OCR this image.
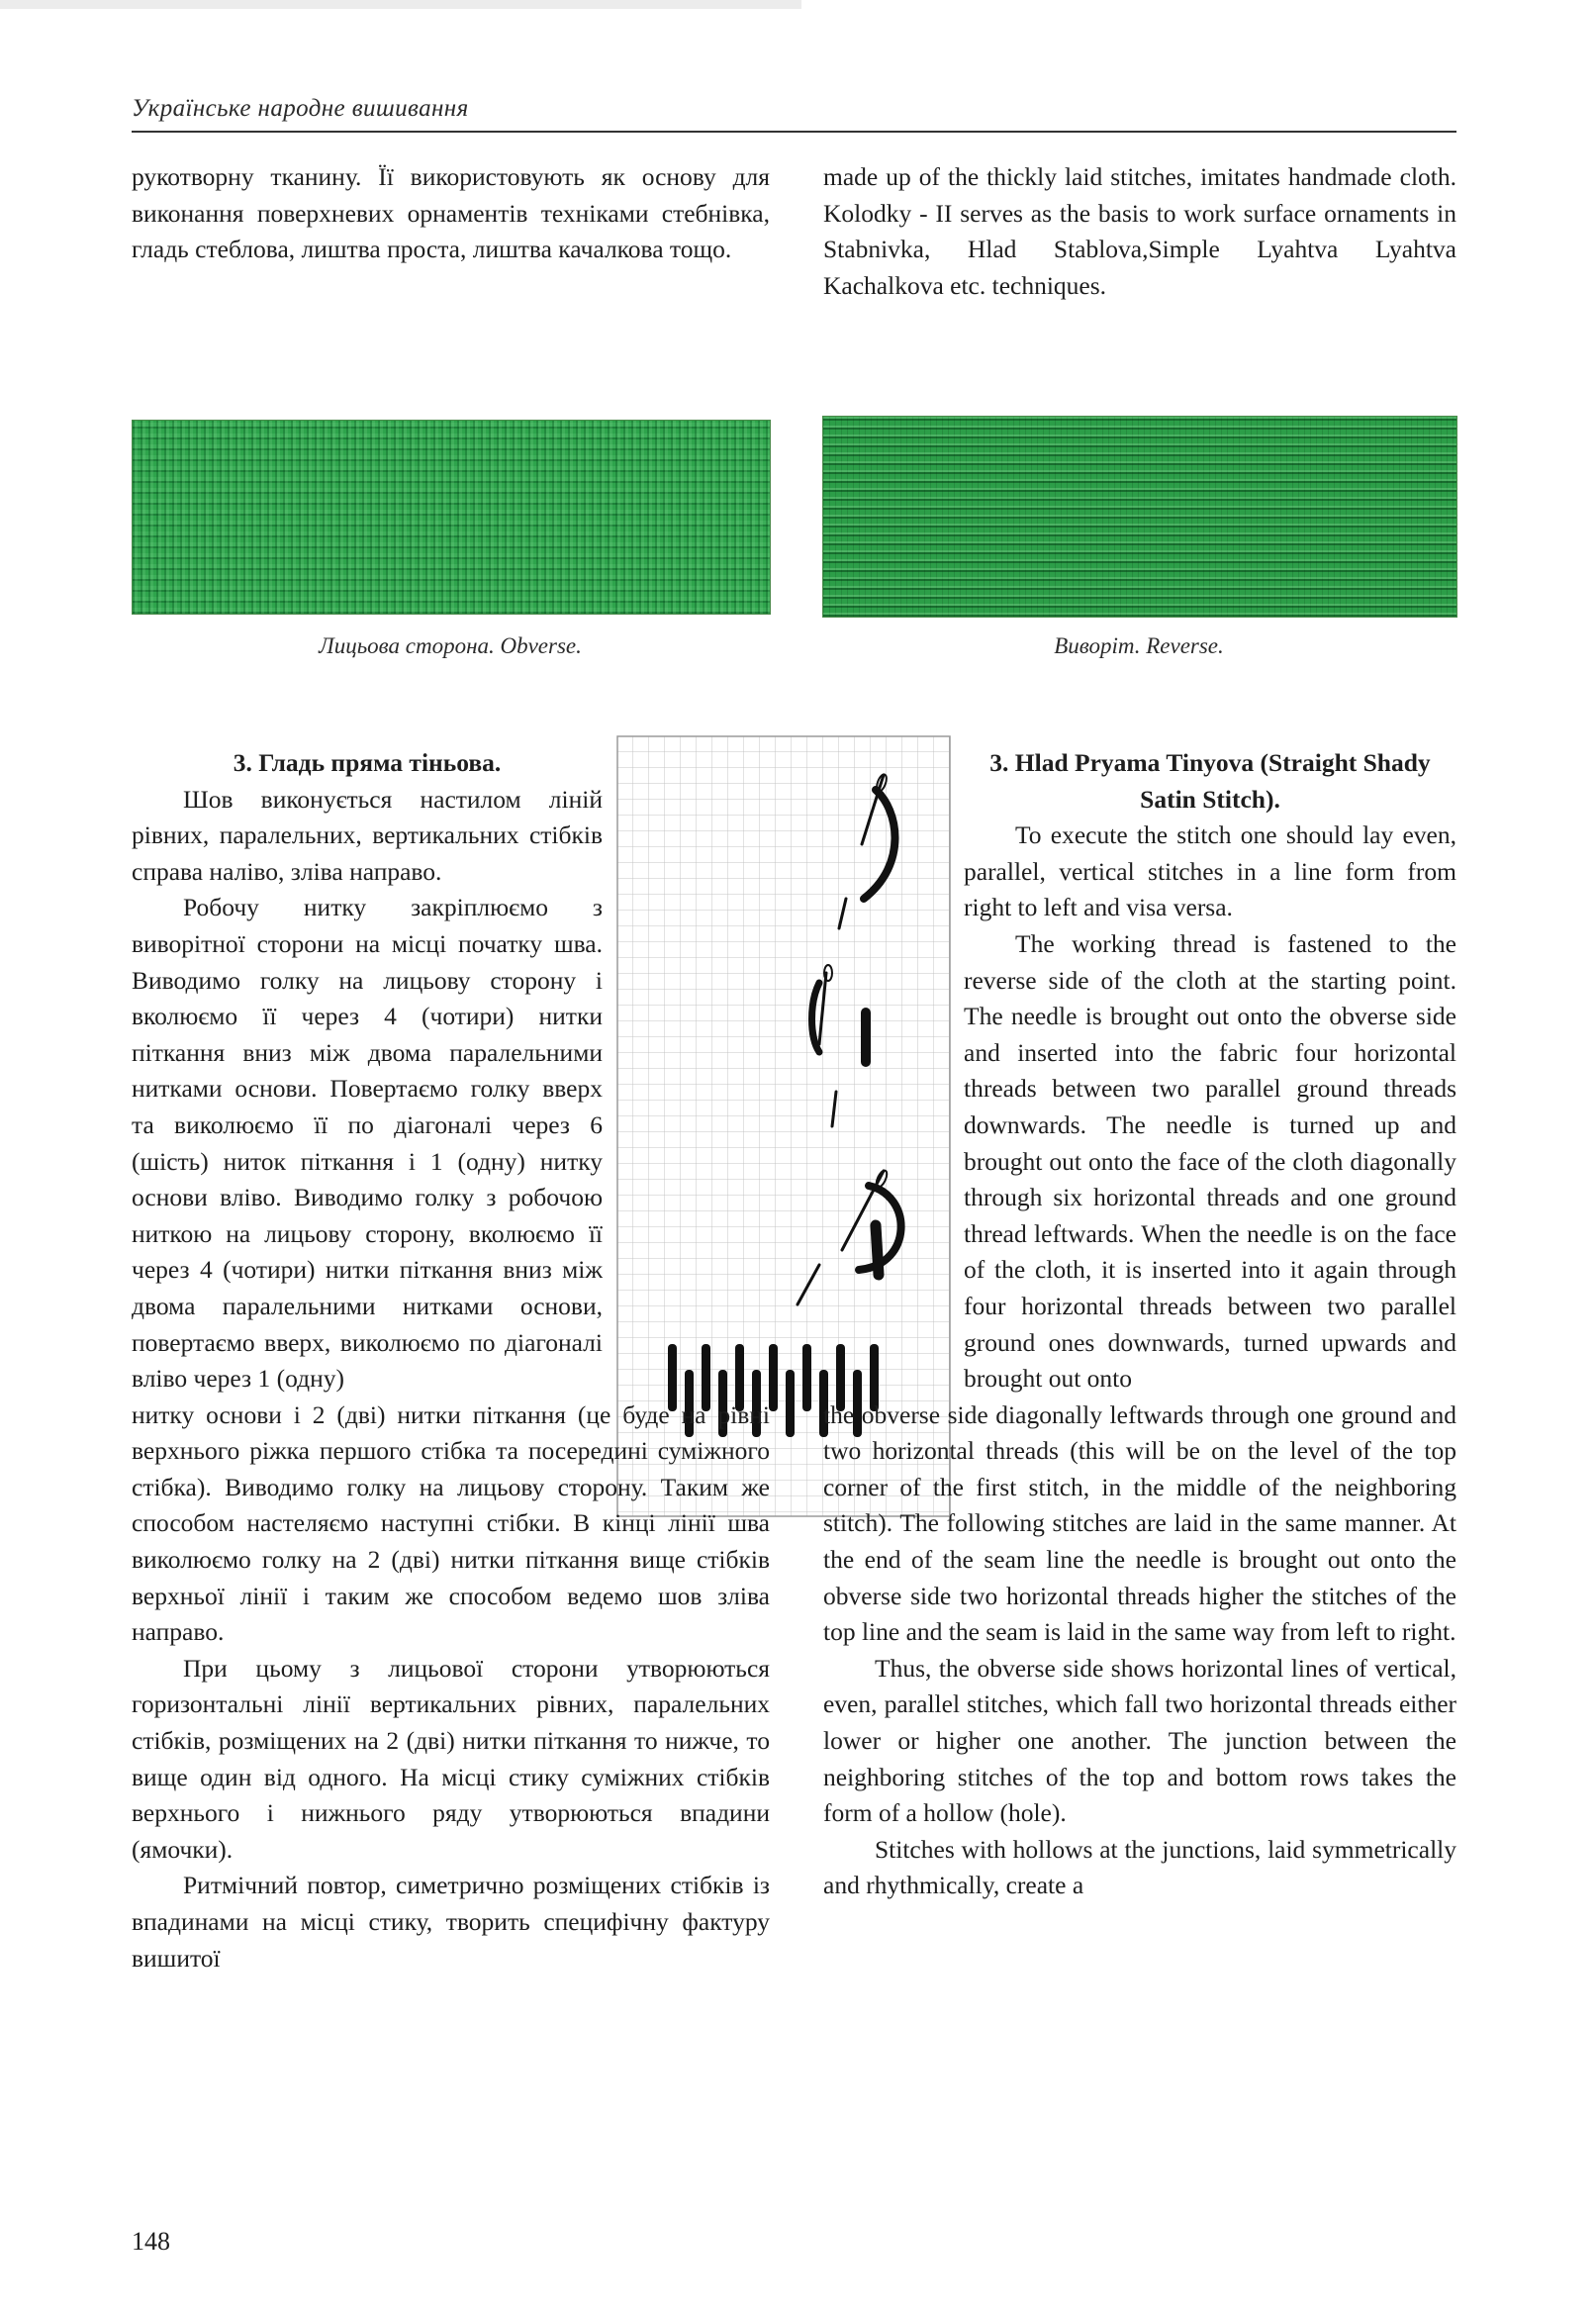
Українське народне вишивання

рукотворну тканину. Її використовують як основу для виконання поверхневих орнаментів техніками стебнівка, гладь стеблова, лиштва проста, лиштва качалкова тощо.

made up of the thickly laid stitches, imitates handmade cloth. Kolodky - II serves as the basis to work surface ornaments in Stabnivka, Hlad Stablova,Simple Lyahtva Lyahtva Kachalkova etc. techniques.

Лицьова сторона. Obverse.	Виворіт. Reverse.

3. Гладь пряма тіньова.

Шов виконується настилом ліній рівних, паралельних, вертикальних стібків справа наліво, зліва направо.

Робочу нитку закріплюємо з виворітної сторони на місці початку шва. Виводимо голку на лицьову сторону і вколюємо її через 4 (чотири) нитки піткання вниз між двома паралельними нитками основи. Повертаємо голку вверх та виколюємо її по діагоналі через 6 (шість) ниток піткання і 1 (одну) нитку основи вліво. Виводимо голку з робочою ниткою на лицьову сторону, вколюємо її через 4 (чотири) нитки піткання вниз між двома паралельними нитками основи, повертаємо вверх, виколюємо по діагоналі вліво через 1 (одну)

нитку основи і 2 (дві) нитки піткання (це буде на рівні верхнього ріжка першого стібка та посередині суміжного стібка). Виводимо голку на лицьову сторону. Таким же способом настеляємо наступні стібки. В кінці лінії шва виколюємо голку на 2 (дві) нитки піткання вище стібків верхньої лінії і таким же способом ведемо шов зліва направо.

При цьому з лицьової сторони утворюються горизонтальні лінії вертикальних рівних, паралельних стібків, розміщених на 2 (дві) нитки піткання то нижче, то вище один від одного. На місці стику суміжних стібків верхнього і нижнього ряду утворюються впадини (ямочки).

Ритмічний повтор, симетрично розміщених стібків із впадинами на місці стику, творить специфічну фактуру вишитої

3. Hlad Pryama Tinyova (Straight Shady Satin Stitch).

To execute the stitch one should lay even, parallel, vertical stitches in a line form from right to left and visa versa.

The working thread is fastened to the reverse side of the cloth at the starting point. The needle is brought out onto the obverse side and inserted into the fabric four horizontal threads between two parallel ground threads downwards. The needle is turned up and brought out onto the face of the cloth diagonally through six horizontal threads and one ground thread leftwards. When the needle is on the face of the cloth, it is inserted into it again through four horizontal threads between two parallel ground ones downwards, turned upwards and brought out onto

the obverse side diagonally leftwards through one ground and two horizontal threads (this will be on the level of the top corner of the first stitch, in the middle of the neighboring stitch). The following stitches are laid in the same manner. At the end of the seam line the needle is brought out onto the obverse side two horizontal threads higher the stitches of the top line and the seam is laid in the same way from left to right.

Thus, the obverse side shows horizontal lines of vertical, even, parallel stitches, which fall two horizontal threads either lower or higher one another. The junction between the neighboring stitches of the top and bottom rows takes the form of a hollow (hole).

Stitches with hollows at the junctions, laid symmetrically and rhythmically, create a

148
